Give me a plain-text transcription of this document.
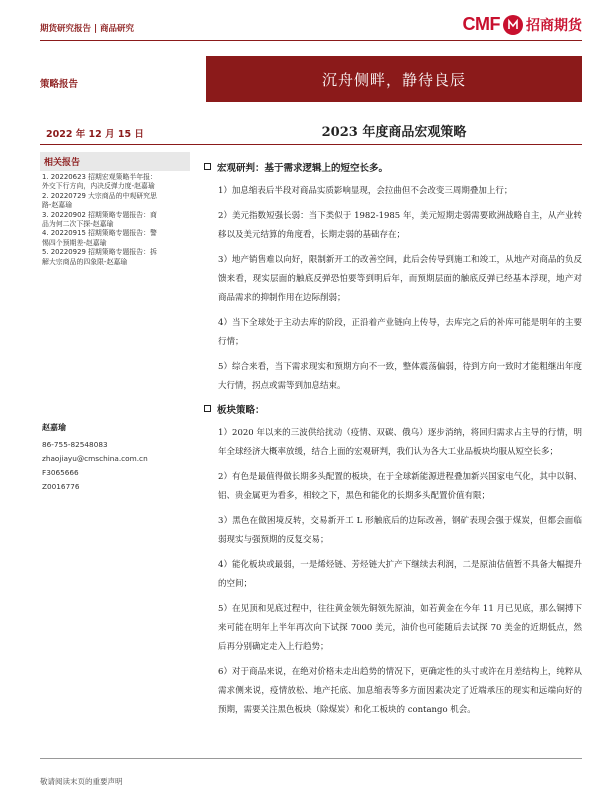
期货研究报告 | 商品研究	CMF 招商期货
策略报告	沉舟侧畔，静待良辰
2022 年 12 月 15 日	2023 年度商品宏观策略
相关报告
1. 20220623 招期宏观策略半年报：
外交下行方向，内决反弹力度-赵嘉瑜
2. 20220729 大宗商品的中观研究思
路-赵嘉瑜
3. 20220902 招期策略专题报告：商
品为何二次下探-赵嘉瑜
4. 20220915 招期策略专题报告：警
惕四个预期差-赵嘉瑜
5. 20220929 招期策略专题报告：拆
解大宗商品的四象限-赵嘉瑜
赵嘉瑜
86-755-82548083
zhaojiayu@cmschina.com.cn
F3065666
Z0016776
宏观研判：基于需求逻辑上的短空长多。

1）加息缩表后半段对商品实质影响显现，会拉曲但不会改变三周期叠加上行；

2）美元指数短强长弱：当下类似于 1982-1985 年，美元短期走弱需要欧洲战略自主，从产业转移以及美元结算的角度看，长期走弱的基础存在；

3）地产销售难以向好，限制新开工的改善空间，此后会传导到施工和竣工，从地产对商品的负反馈来看，现实层面的触底反弹恐怕要等到明后年，而预期层面的触底反弹已经基本浮现，地产对商品需求的抑制作用在边际削弱；

4）当下全球处于主动去库的阶段，正沿着产业链向上传导，去库完之后的补库可能是明年的主要行情；

5）综合来看，当下需求现实和预期方向不一致，整体震荡偏弱，待到方向一致时才能粗继出年度大行情，拐点或需等到加息结束。

板块策略：

1）2020 年以来的三波供给扰动（疫情、双碳、俄乌）逐步消纳，将回归需求占主导的行情，明年全球经济大概率放缓，结合上面的宏观研判，我们认为各大工业品板块均服从短空长多；

2）有色是最值得做长期多头配置的板块，在于全球新能源进程叠加新兴国家电气化，其中以铜、铝、贵金属更为看多，相较之下，黑色和能化的长期多头配置价值有限；

3）黑色在做困境反转，交易新开工 L 形触底后的边际改善，钢矿表现会强于煤炭，但都会面临弱现实与强预期的反复交易；

4）能化板块或最弱，一是烯烃链、芳烃链大扩产下继续去利润，二是原油估值暂不具备大幅提升的空间；

5）在见顶和见底过程中，往往黄金领先铜领先原油，如若黄金在今年 11 月已见底，那么铜搏下来可能在明年上半年再次向下试探 7000 美元，油价也可能随后去试探 70 美金的近期低点，然后再分别确定走入上行趋势；

6）对于商品来说，在绝对价格未走出趋势的情况下，更确定性的头寸或许在月差结构上，纯粹从需求侧来说，疫情放松、地产托底、加息缩表等多方面因素决定了近端承压的现实和远端向好的预期，需要关注黑色板块（除煤炭）和化工板块的 contango 机会。

敬请阅读末页的重要声明
